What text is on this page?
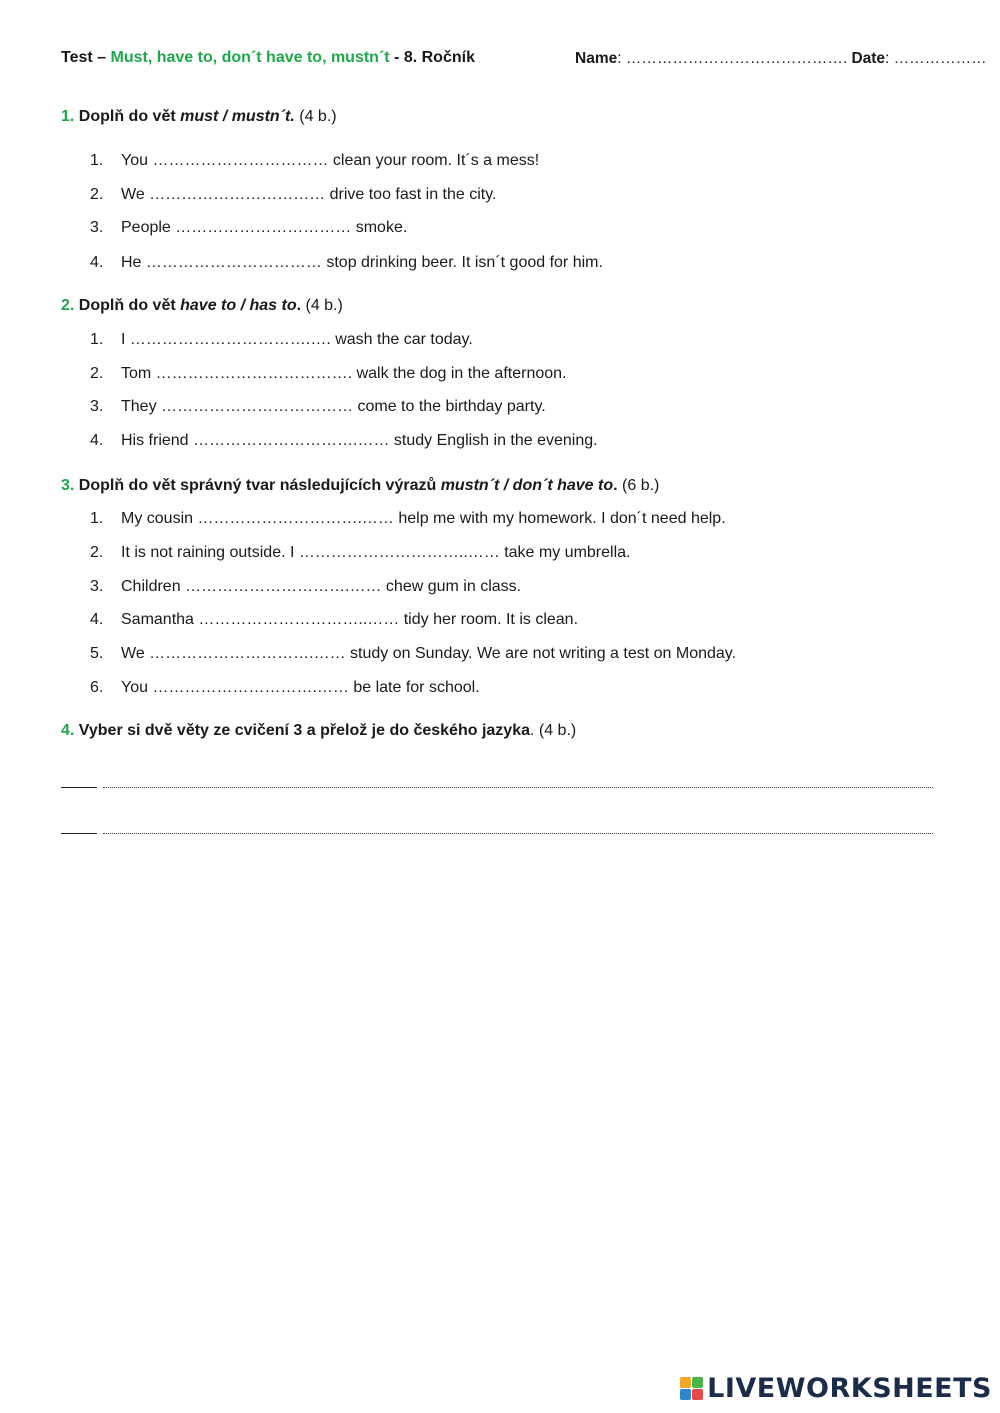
Test – Must, have to, don´t have to, mustn´t - 8. Ročník	Name: ……………………………………. Date: ………………
1. Doplň do vět must / mustn´t. (4 b.)
1. You …………………………… clean your room. It´s a mess!
2. We …………………………… drive too fast in the city.
3. People …………………………… smoke.
4. He …………………………… stop drinking beer. It isn´t good for him.
2. Doplň do vět have to / has to. (4 b.)
1. I …………………………….…. wash the car today.
2. Tom ………………………………. walk the dog in the afternoon.
3. They ……………………………… come to the birthday party.
4. His friend ………………………….…… study English in the evening.
3. Doplň do vět správný tvar následujících výrazů mustn´t / don´t have to. (6 b.)
1. My cousin ………………………….…… help me with my homework. I don´t need help.
2. It is not raining outside. I …………………………..…… take my umbrella.
3. Children ………………………….…… chew gum in class.
4. Samantha …………………………..…… tidy her room. It is clean.
5. We ………………………….…… study on Sunday. We are not writing a test on Monday.
6. You ………………………….…… be late for school.
4. Vyber si dvě věty ze cvičení 3 a přelož je do českého jazyka. (4 b.)
LIVEWORKSHEETS
